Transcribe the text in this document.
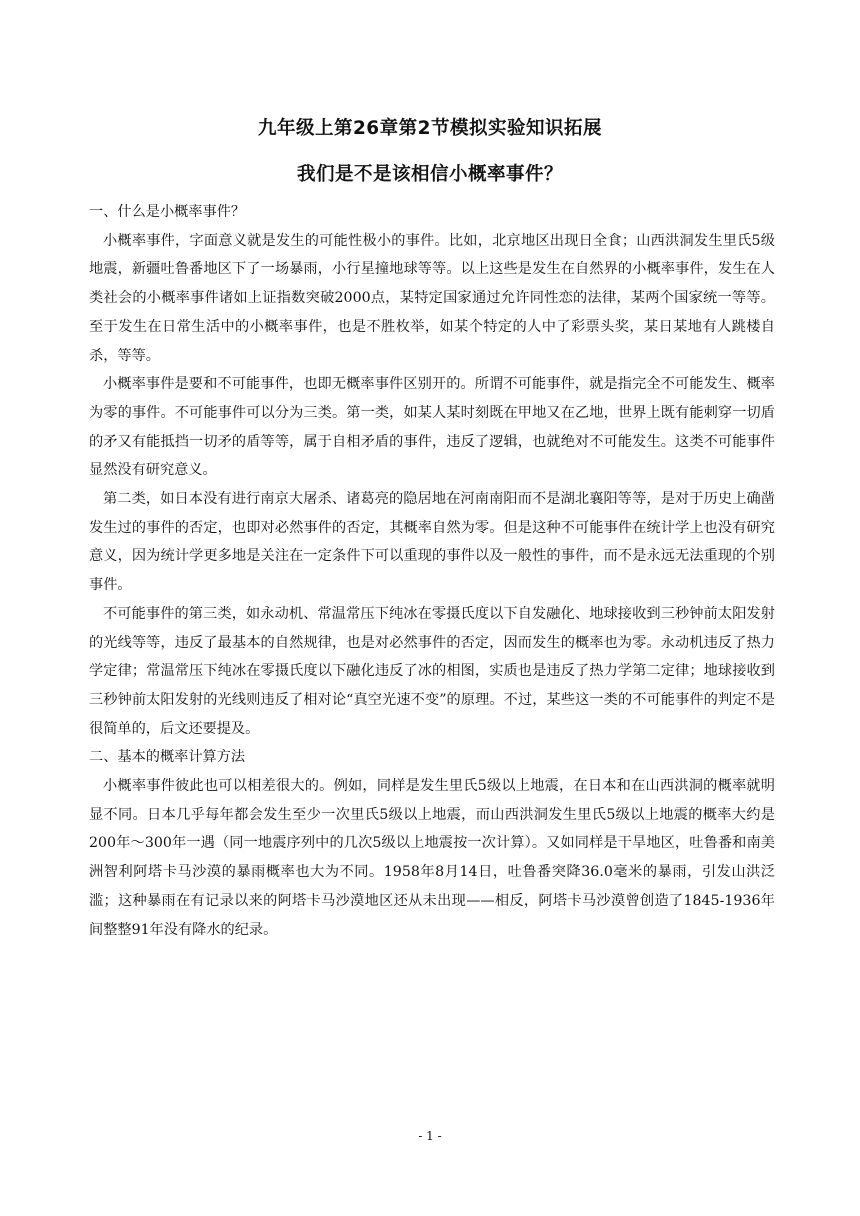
九年级上第26章第2节模拟实验知识拓展
我们是不是该相信小概率事件？

一、什么是小概率事件？

小概率事件，字面意义就是发生的可能性极小的事件。比如，北京地区出现日全食；山西洪洞发生里氏5级地震，新疆吐鲁番地区下了一场暴雨，小行星撞地球等等。以上这些是发生在自然界的小概率事件，发生在人类社会的小概率事件诸如上证指数突破2000点，某特定国家通过允许同性恋的法律，某两个国家统一等等。至于发生在日常生活中的小概率事件，也是不胜枚举，如某个特定的人中了彩票头奖，某日某地有人跳楼自杀，等等。

小概率事件是要和不可能事件，也即无概率事件区别开的。所谓不可能事件，就是指完全不可能发生、概率为零的事件。不可能事件可以分为三类。第一类，如某人某时刻既在甲地又在乙地，世界上既有能刺穿一切盾的矛又有能抵挡一切矛的盾等等，属于自相矛盾的事件，违反了逻辑，也就绝对不可能发生。这类不可能事件显然没有研究意义。

第二类，如日本没有进行南京大屠杀、诸葛亮的隐居地在河南南阳而不是湖北襄阳等等，是对于历史上确凿发生过的事件的否定，也即对必然事件的否定，其概率自然为零。但是这种不可能事件在统计学上也没有研究意义，因为统计学更多地是关注在一定条件下可以重现的事件以及一般性的事件，而不是永远无法重现的个别事件。

不可能事件的第三类，如永动机、常温常压下纯冰在零摄氏度以下自发融化、地球接收到三秒钟前太阳发射的光线等等，违反了最基本的自然规律，也是对必然事件的否定，因而发生的概率也为零。永动机违反了热力学定律；常温常压下纯冰在零摄氏度以下融化违反了冰的相图，实质也是违反了热力学第二定律；地球接收到三秒钟前太阳发射的光线则违反了相对论“真空光速不变”的原理。不过，某些这一类的不可能事件的判定不是很简单的，后文还要提及。

二、基本的概率计算方法

小概率事件彼此也可以相差很大的。例如，同样是发生里氏5级以上地震，在日本和在山西洪洞的概率就明显不同。日本几乎每年都会发生至少一次里氏5级以上地震，而山西洪洞发生里氏5级以上地震的概率大约是200年～300年一遇（同一地震序列中的几次5级以上地震按一次计算）。又如同样是干旱地区，吐鲁番和南美洲智利阿塔卡马沙漠的暴雨概率也大为不同。1958年8月14日，吐鲁番突降36.0毫米的暴雨，引发山洪泛滥；这种暴雨在有记录以来的阿塔卡马沙漠地区还从未出现——相反，阿塔卡马沙漠曾创造了1845-1936年间整整91年没有降水的纪录。

- 1 -
